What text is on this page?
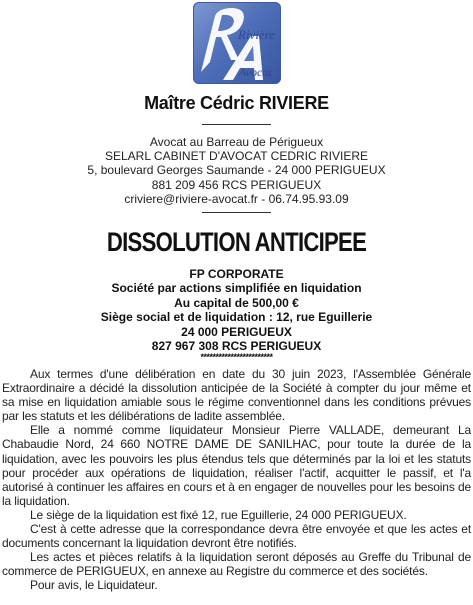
Rivière
Avocat
Maître Cédric RIVIERE
Avocat au Barreau de Périgueux
SELARL CABINET D'AVOCAT CEDRIC RIVIERE
5, boulevard Georges Saumande - 24 000 PERIGUEUX
881 209 456 RCS PERIGUEUX
criviere@riviere-avocat.fr - 06.74.95.93.09
DISSOLUTION ANTICIPEE
FP CORPORATE
Société par actions simplifiée en liquidation
Au capital de 500,00 €
Siège social et de liquidation : 12, rue Eguillerie
24 000 PERIGUEUX
827 967 308 RCS PERIGUEUX
************************

Aux termes d'une délibération en date du 30 juin 2023, l'Assemblée Générale Extraordinaire a décidé la dissolution anticipée de la Société à compter du jour même et sa mise en liquidation amiable sous le régime conventionnel dans les conditions prévues par les statuts et les délibérations de ladite assemblée.

Elle a nommé comme liquidateur Monsieur Pierre VALLADE, demeurant La Chabaudie Nord, 24 660 NOTRE DAME DE SANILHAC, pour toute la durée de la liquidation, avec les pouvoirs les plus étendus tels que déterminés par la loi et les statuts pour procéder aux opérations de liquidation, réaliser l'actif, acquitter le passif, et l'a autorisé à continuer les affaires en cours et à en engager de nouvelles pour les besoins de la liquidation.

Le siège de la liquidation est fixé 12, rue Eguillerie, 24 000 PERIGUEUX.

C'est à cette adresse que la correspondance devra être envoyée et que les actes et documents concernant la liquidation devront être notifiés.

Les actes et pièces relatifs à la liquidation seront déposés au Greffe du Tribunal de commerce de PERIGUEUX, en annexe au Registre du commerce et des sociétés.

Pour avis, le Liquidateur.
